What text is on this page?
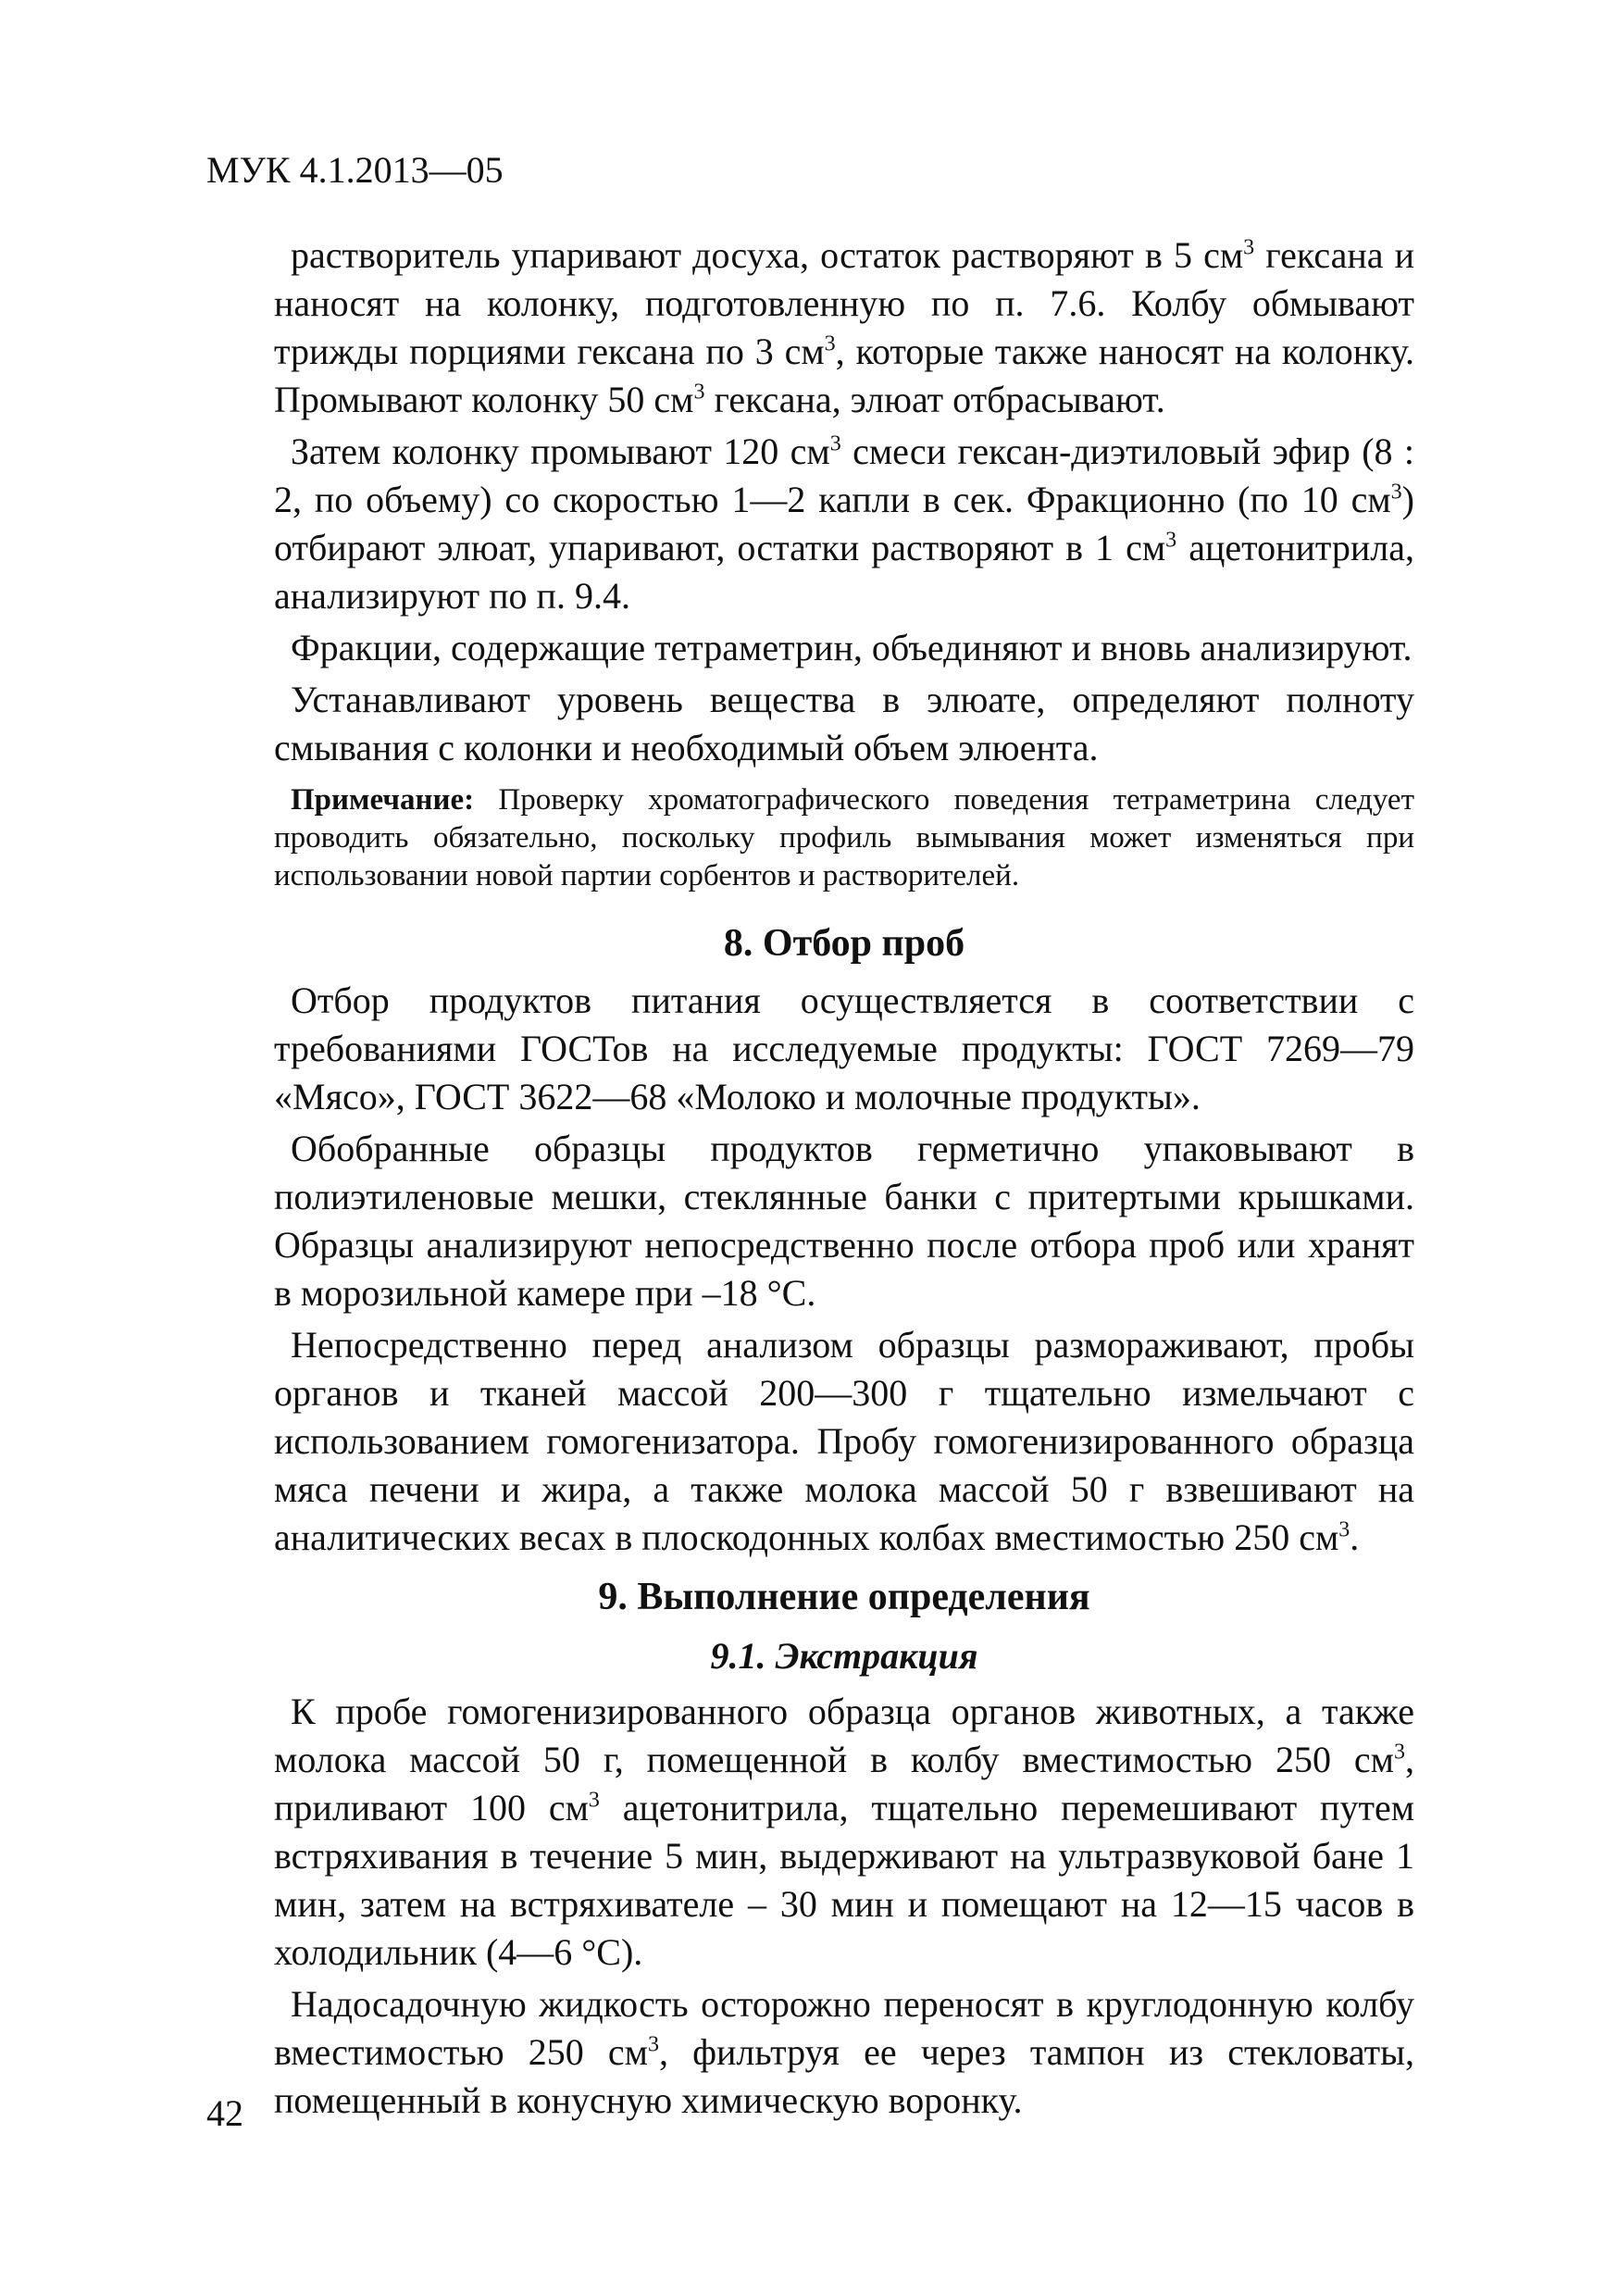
МУК 4.1.2013—05

растворитель упаривают досуха, остаток растворяют в 5 $см^3$ гексана и наносят на колонку, подготовленную по п. 7.6. Колбу обмывают трижды порциями гексана по 3 $см^3$, которые также наносят на колонку. Промывают колонку 50 $см^3$ гексана, элюат отбрасывают.

Затем колонку промывают 120 $см^3$ смеси гексан-диэтиловый эфир (8 : 2, по объему) со скоростью 1—2 капли в сек. Фракционно (по 10 $см^3$) отбирают элюат, упаривают, остатки растворяют в 1 $см^3$ ацетонитрила, анализируют по п. 9.4.

Фракции, содержащие тетраметрин, объединяют и вновь анализируют.

Устанавливают уровень вещества в элюате, определяют полноту смывания с колонки и необходимый объем элюента.

Примечание: Проверку хроматографического поведения тетраметрина следует проводить обязательно, поскольку профиль вымывания может изменяться при использовании новой партии сорбентов и растворителей.

8. Отбор проб

Отбор продуктов питания осуществляется в соответствии с требованиями ГОСТов на исследуемые продукты: ГОСТ 7269—79 «Мясо», ГОСТ 3622—68 «Молоко и молочные продукты».

Обобранные образцы продуктов герметично упаковывают в полиэтиленовые мешки, стеклянные банки с притертыми крышками. Образцы анализируют непосредственно после отбора проб или хранят в морозильной камере при –18 °С.

Непосредственно перед анализом образцы размораживают, пробы органов и тканей массой 200—300 г тщательно измельчают с использованием гомогенизатора. Пробу гомогенизированного образца мяса печени и жира, а также молока массой 50 г взвешивают на аналитических весах в плоскодонных колбах вместимостью 250 $см^3$.

9. Выполнение определения
9.1. Экстракция

К пробе гомогенизированного образца органов животных, а также молока массой 50 г, помещенной в колбу вместимостью 250 $см^3$, приливают 100 $см^3$ ацетонитрила, тщательно перемешивают путем встряхивания в течение 5 мин, выдерживают на ультразвуковой бане 1 мин, затем на встряхивателе – 30 мин и помещают на 12—15 часов в холодильник (4—6 °С).

Надосадочную жидкость осторожно переносят в круглодонную колбу вместимостью 250 $см^3$, фильтруя ее через тампон из стекловаты, помещенный в конусную химическую воронку.

42
